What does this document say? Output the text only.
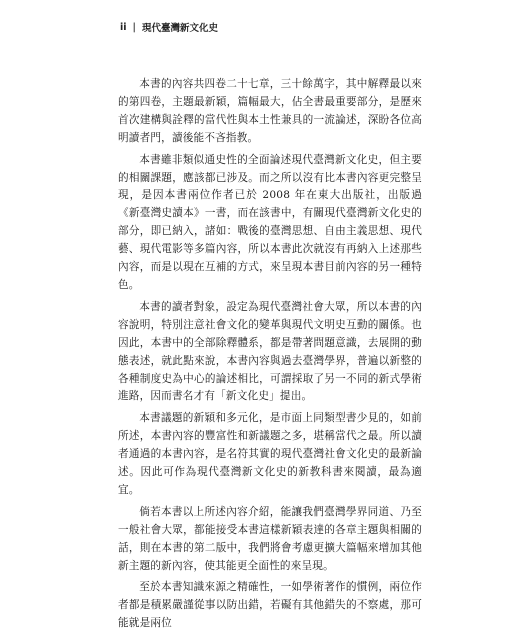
ii | 現代臺灣新文化史

本書的內容共四卷二十七章，三十餘萬字，其中解釋最以來的第四卷，主題最新穎，篇幅最大，佔全書最重要部分，是歷來首次建構與詮釋的當代性與本土性兼具的一流論述，深盼各位高明讀者門，讀後能不吝指教。

本書雖非類似通史性的全面論述現代臺灣新文化史，但主要的相關課題，應該都已涉及。而之所以沒有比本書內容更完整呈現，是因本書兩位作者已於 2008 年在東大出版社，出版過《新臺灣史讀本》一書，而在該書中，有關現代臺灣新文化史的部分，即已納入，諸如：戰後的臺灣思想、自由主義思想、現代藝、現代電影等多篇內容，所以本書此次就沒有再納入上述那些內容，而是以現在互補的方式，來呈現本書目前內容的另一種特色。

本書的讀者對象，設定為現代臺灣社會大眾，所以本書的內容說明，特別注意社會文化的變革與現代文明史互動的關係。也因此，本書中的全部除釋體系，都是帶著問題意識，去展開的動態表述，就此點來說，本書內容與過去臺灣學界，普遍以新整的各種制度史為中心的論述相比，可謂採取了另一不同的新式學術進路，因而書名才有「新文化史」提出。

本書議題的新穎和多元化，是市面上同類型書少見的，如前所述，本書內容的豐富性和新議題之多，堪稱當代之最。所以讀者通過的本書內容，是名符其實的現代臺灣社會文化史的最新論述。因此可作為現代臺灣新文化史的新教科書來閱讀，最為適宜。

倘若本書以上所述內容介紹，能讓我們臺灣學界同道、乃至一般社會大眾，都能接受本書這樣新穎表達的各章主題與相關的話，則在本書的第二版中，我們將會考慮更擴大篇幅來增加其他新主題的新內容，使其能更全面性的來呈現。

至於本書知識來源之精確性，一如學術著作的慣例，兩位作者都是積累嚴謹從事以防出錯，若礙有其他錯失的不察處，那可能就是兩位
